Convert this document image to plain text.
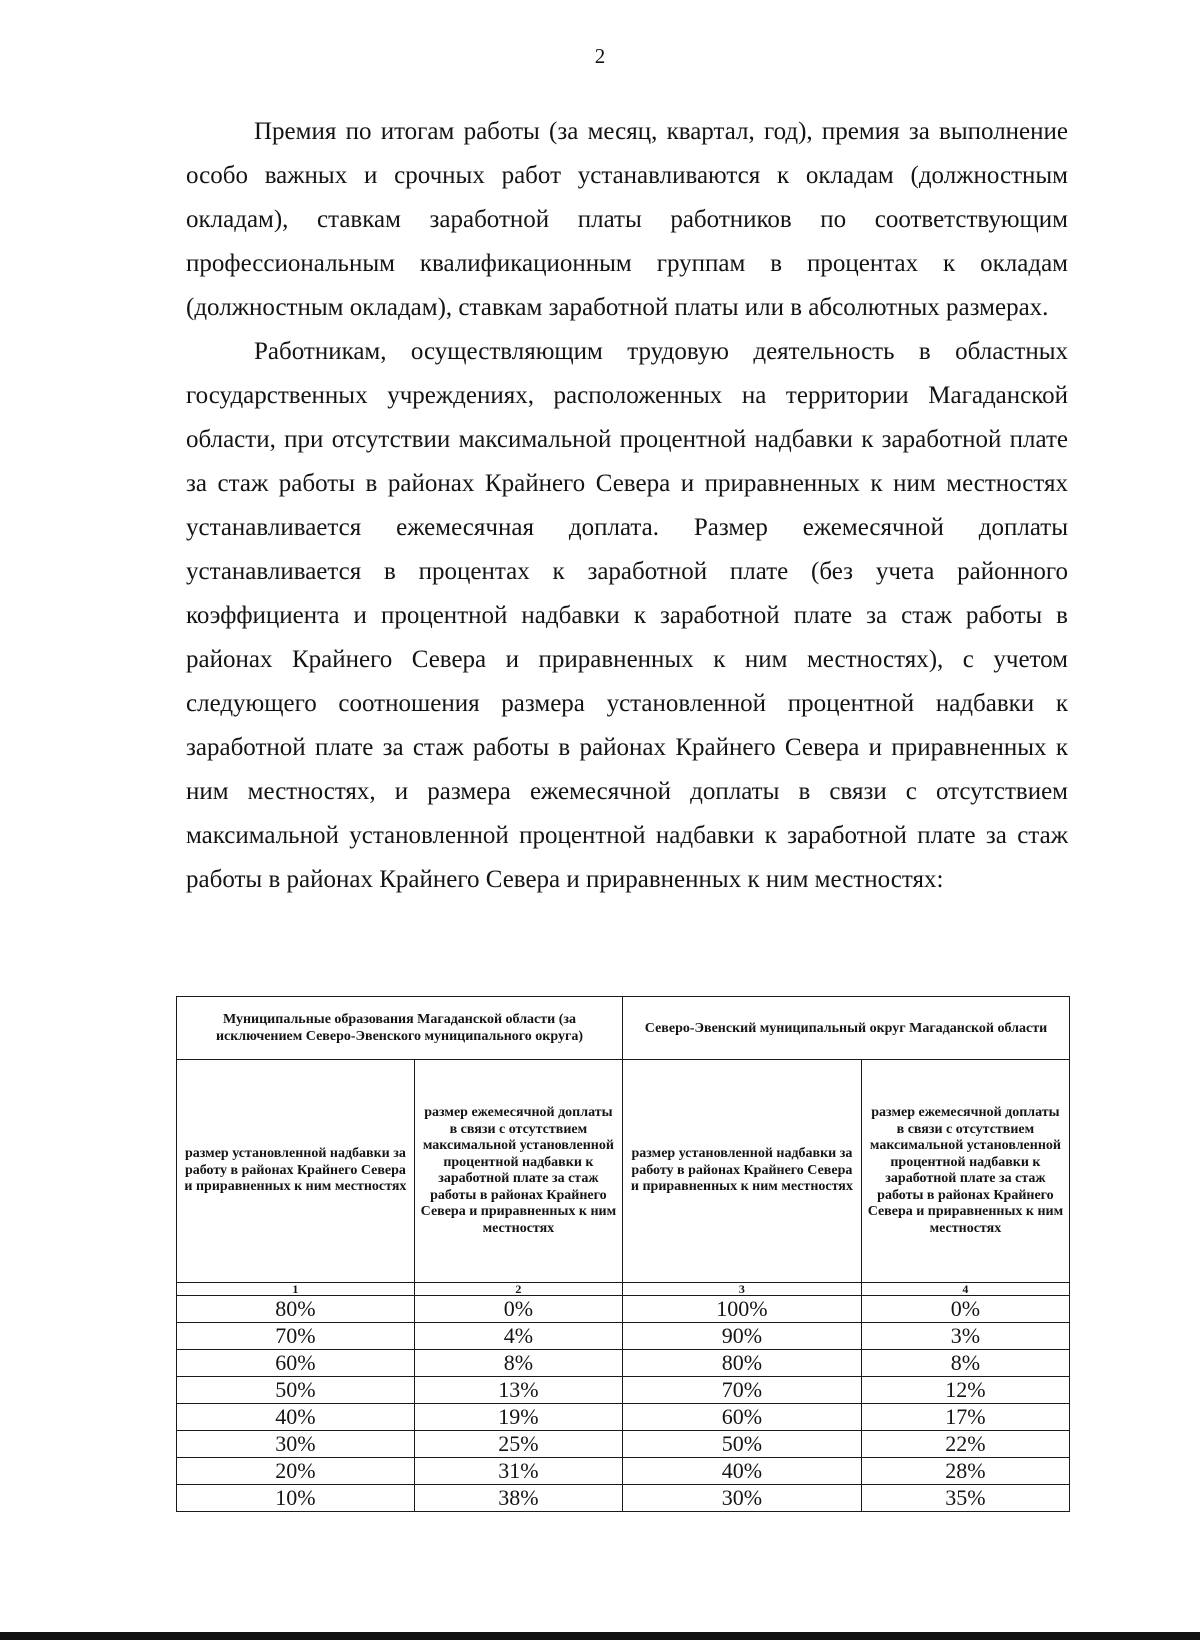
2

Премия по итогам работы (за месяц, квартал, год), премия за выполнение особо важных и срочных работ устанавливаются к окладам (должностным окладам), ставкам заработной платы работников по соответствующим профессиональным квалификационным группам в процентах к окладам (должностным окладам), ставкам заработной платы или в абсолютных размерах.

Работникам, осуществляющим трудовую деятельность в областных государственных учреждениях, расположенных на территории Магаданской области, при отсутствии максимальной процентной надбавки к заработной плате за стаж работы в районах Крайнего Севера и приравненных к ним местностях устанавливается ежемесячная доплата. Размер ежемесячной доплаты устанавливается в процентах к заработной плате (без учета районного коэффициента и процентной надбавки к заработной плате за стаж работы в районах Крайнего Севера и приравненных к ним местностях), с учетом следующего соотношения размера установленной процентной надбавки к заработной плате за стаж работы в районах Крайнего Севера и приравненных к ним местностях, и размера ежемесячной доплаты в связи с отсутствием максимальной установленной процентной надбавки к заработной плате за стаж работы в районах Крайнего Севера и приравненных к ним местностях:

Муниципальные образования Магаданской области (за исключением Северо-Эвенского муниципального округа)		Северо-Эвенский муниципальный округ Магаданской области	
размер установленной надбавки за работу в районах Крайнего Севера и приравненных к ним местностях	размер ежемесячной доплаты в связи с отсутствием максимальной установленной процентной надбавки к заработной плате за стаж работы в районах Крайнего Севера и приравненных к ним местностях	размер установленной надбавки за работу в районах Крайнего Севера и приравненных к ним местностях	размер ежемесячной доплаты в связи с отсутствием максимальной установленной процентной надбавки к заработной плате за стаж работы в районах Крайнего Севера и приравненных к ним местностях
1	2	3	4
80%	0%	100%	0%
70%	4%	90%	3%
60%	8%	80%	8%
50%	13%	70%	12%
40%	19%	60%	17%
30%	25%	50%	22%
20%	31%	40%	28%
10%	38%	30%	35%
